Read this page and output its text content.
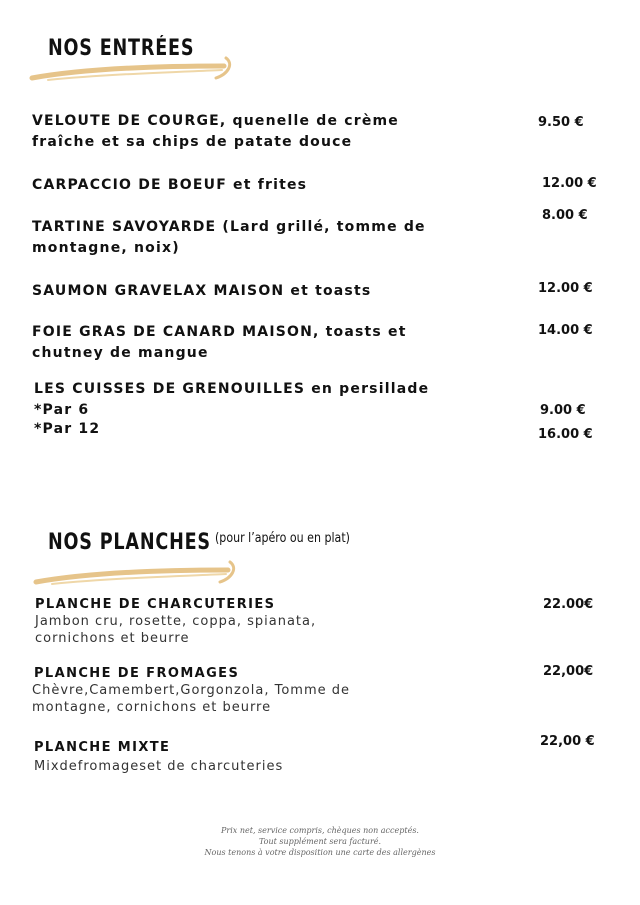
NOS ENTRÉES
VELOUTE DE COURGE, quenelle de crème fraîche et sa chips de patate douce
9.50 €
CARPACCIO DE BOEUF et frites	12.00 €
TARTINE SAVOYARDE (Lard grillé, tomme de montagne, noix)
8.00 €
SAUMON GRAVELAX MAISON et toasts	12.00 €
FOIE GRAS DE CANARD MAISON, toasts et chutney de mangue
14.00 €
LES CUISSES DE GRENOUILLES en persillade
*Par 6
*Par 12
9.00 €
16.00 €
NOS PLANCHES (pour l’apéro ou en plat)
PLANCHE DE CHARCUTERIES
Jambon cru, rosette, coppa, spianata,
cornichons et beurre
22.00€
PLANCHE DE FROMAGES
Chèvre,Camembert,Gorgonzola, Tomme de
montagne, cornichons et beurre
22,00€
PLANCHE MIXTE
Mixdefromageset de charcuteries
22,00 €
Prix net, service compris, chèques non acceptés.
Tout supplément sera facturé.
Nous tenons à votre disposition une carte des allergènes
